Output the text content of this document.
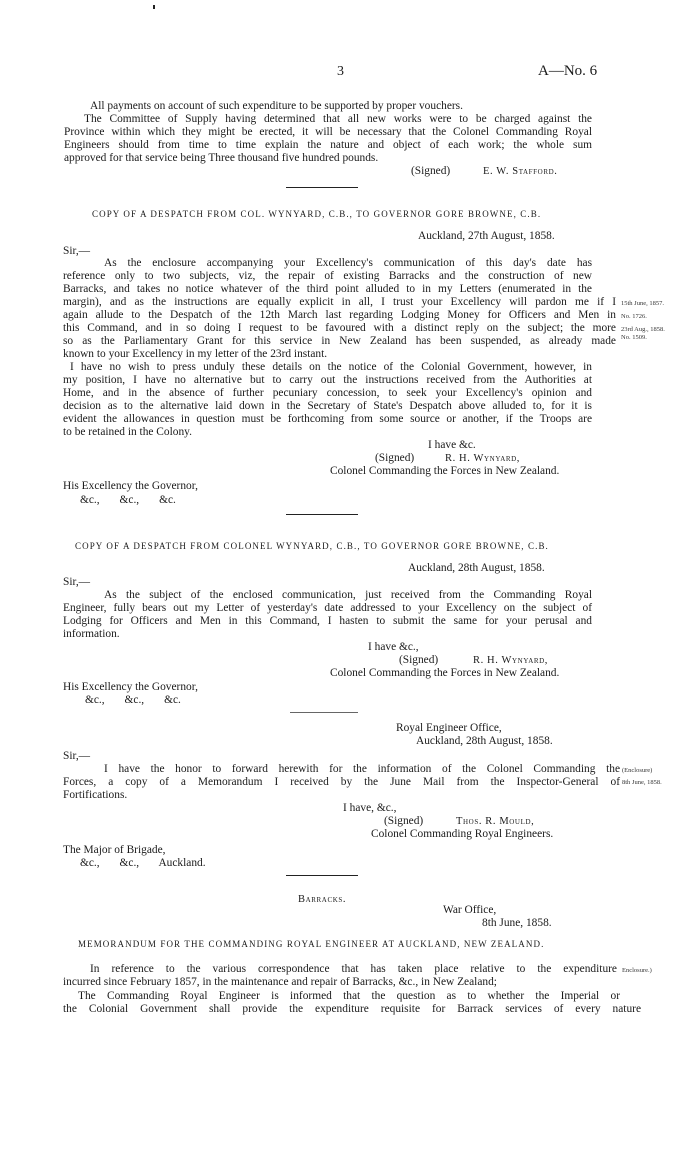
3	A—No. 6
All payments on account of such expenditure to be supported by proper vouchers.
The Committee of Supply having determined that all new works were to be charged against the
Province within which they might be erected, it will be necessary that the Colonel Commanding Royal
Engineers should from time to time explain the nature and object of each work; the whole sum
approved for that service being Three thousand five hundred pounds.
(Signed)	E. W. Stafford.
COPY OF A DESPATCH FROM COL. WYNYARD, C.B., TO GOVERNOR GORE BROWNE, C.B.
Auckland, 27th August, 1858.
Sir,—
As the enclosure accompanying your Excellency's communication of this day's date has
reference only to two subjects, viz, the repair of existing Barracks and the construction of new
Barracks, and takes no notice whatever of the third point alluded to in my Letters (enumerated in the
margin), and as the instructions are equally explicit in all, I trust your Excellency will pardon me if I
again allude to the Despatch of the 12th March last regarding Lodging Money for Officers and Men in
this Command, and in so doing I request to be favoured with a distinct reply on the subject; the more
so as the Parliamentary Grant for this service in New Zealand has been suspended, as already made
known to your Excellency in my letter of the 23rd instant.
I have no wish to press unduly these details on the notice of the Colonial Government, however, in
my position, I have no alternative but to carry out the instructions received from the Authorities at
Home, and in the absence of further pecuniary concession, to seek your Excellency's opinion and
decision as to the alternative laid down in the Secretary of State's Despatch above alluded to, for it is
evident the allowances in question must be forthcoming from some source or another, if the Troops are
to be retained in the Colony.
15th June, 1857.
No. 1726.
23rd Aug., 1858.
No. 1509.
I have &c.
(Signed)	R. H. Wynyard,
Colonel Commanding the Forces in New Zealand.
His Excellency the Governor,
&c.,       &c.,       &c.
COPY OF A DESPATCH FROM COLONEL WYNYARD, C.B., TO GOVERNOR GORE BROWNE, C.B.
Auckland, 28th August, 1858.
Sir,—
As the subject of the enclosed communication, just received from the Commanding Royal
Engineer, fully bears out my Letter of yesterday's date addressed to your Excellency on the subject of
Lodging for Officers and Men in this Command, I hasten to submit the same for your perusal and
information.
I have &c.,
(Signed)	R. H. Wynyard,
Colonel Commanding the Forces in New Zealand.
His Excellency the Governor,
&c.,       &c.,       &c.
Royal Engineer Office,
Auckland, 28th August, 1858.
Sir,—
I have the honor to forward herewith for the information of the Colonel Commanding the
Forces, a copy of a Memorandum I received by the June Mail from the Inspector-General of
Fortifications.
(Enclosure)
8th June, 1858.
I have, &c.,
(Signed)	Thos. R. Mould,
Colonel Commanding Royal Engineers.
The Major of Brigade,
&c.,       &c.,       Auckland.
Barracks.
War Office,
8th June, 1858.
MEMORANDUM FOR THE COMMANDING ROYAL ENGINEER AT AUCKLAND, NEW ZEALAND.
In reference to the various correspondence that has taken place relative to the expenditure
incurred since February 1857, in the maintenance and repair of Barracks, &c., in New Zealand;
The Commanding Royal Engineer is informed that the question as to whether the Imperial or
the Colonial Government shall provide the expenditure requisite for Barrack services of every nature
Enclosure.)
